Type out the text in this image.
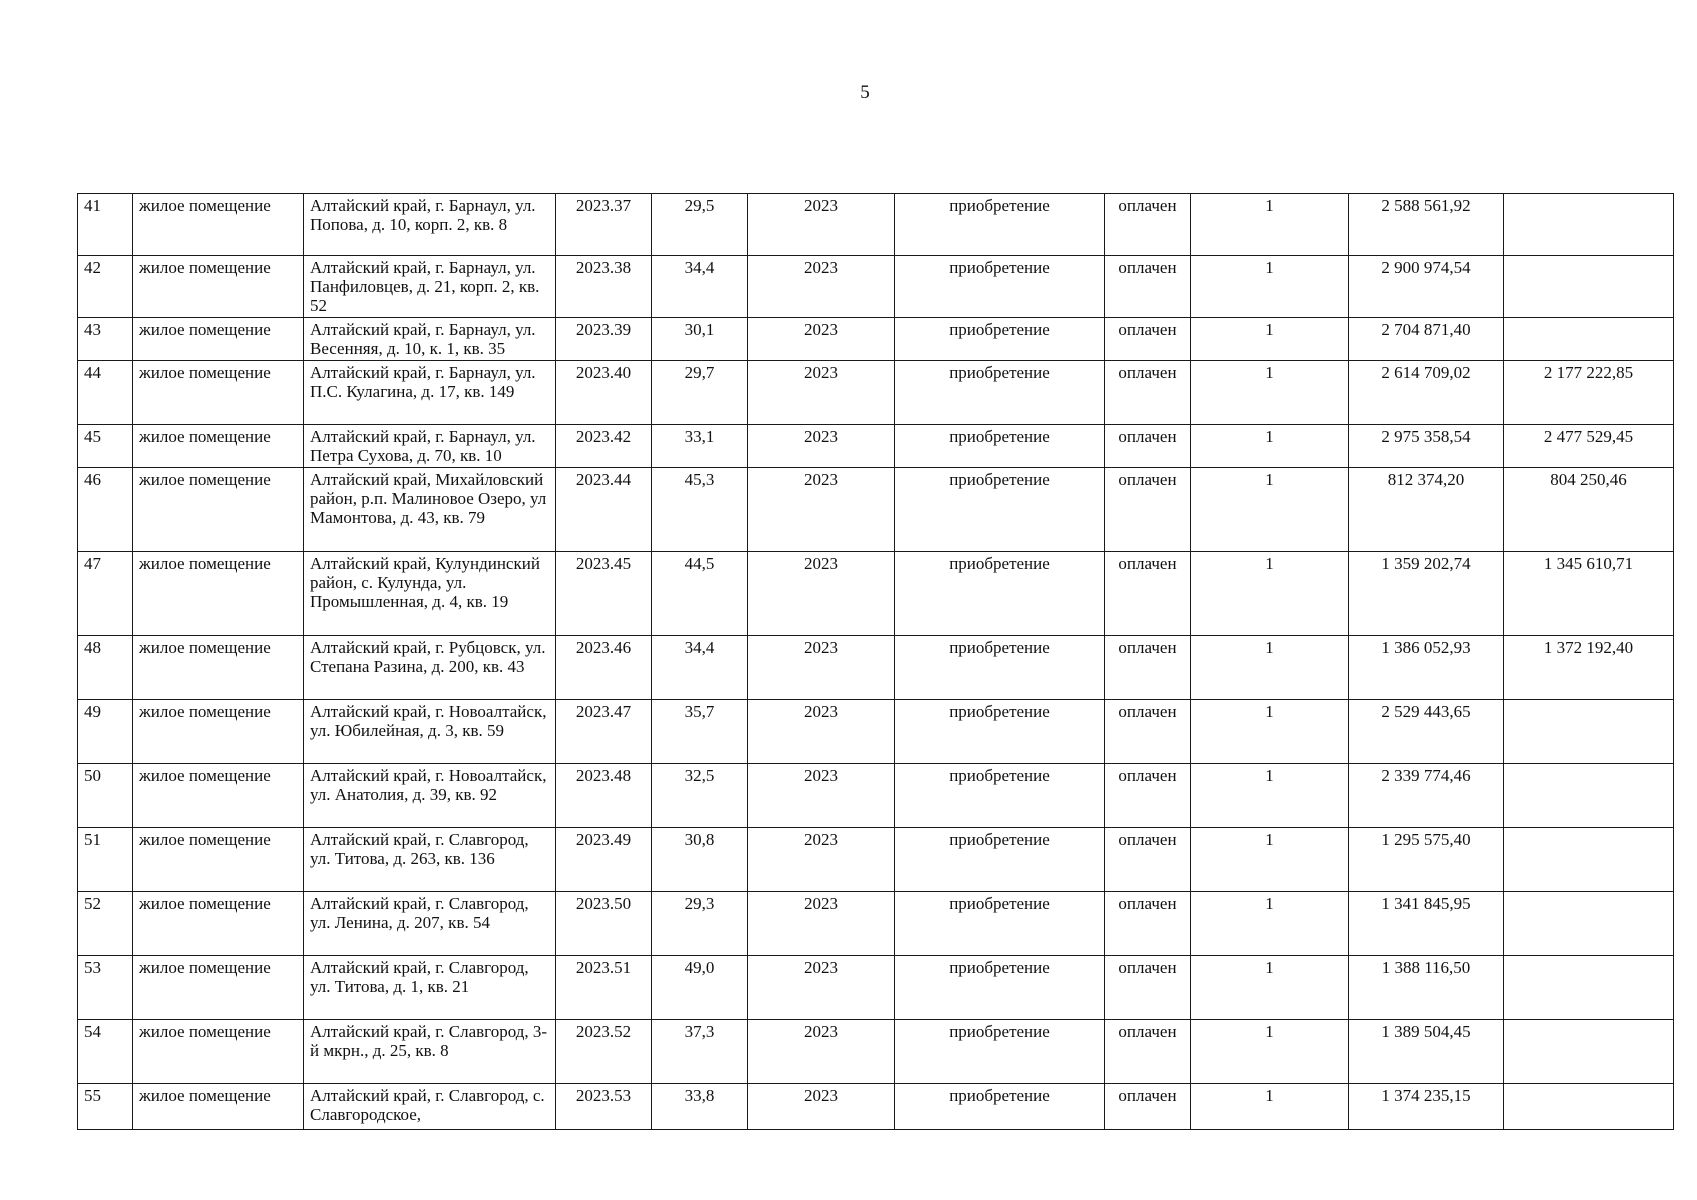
5
41	жилое помещение	Алтайский край, г. Барнаул, ул. Попова, д. 10, корп. 2, кв. 8	2023.37	29,5	2023	приобретение	оплачен	1	2 588 561,92	
42	жилое помещение	Алтайский край, г. Барнаул, ул. Панфиловцев, д. 21, корп. 2, кв. 52	2023.38	34,4	2023	приобретение	оплачен	1	2 900 974,54	
43	жилое помещение	Алтайский край, г. Барнаул, ул. Весенняя, д. 10, к. 1, кв. 35	2023.39	30,1	2023	приобретение	оплачен	1	2 704 871,40	
44	жилое помещение	Алтайский край, г. Барнаул, ул. П.С. Кулагина, д. 17, кв. 149	2023.40	29,7	2023	приобретение	оплачен	1	2 614 709,02	2 177 222,85
45	жилое помещение	Алтайский край, г. Барнаул, ул. Петра Сухова, д. 70, кв. 10	2023.42	33,1	2023	приобретение	оплачен	1	2 975 358,54	2 477 529,45
46	жилое помещение	Алтайский край, Михайловский район, р.п. Малиновое Озеро, ул Мамонтова, д. 43, кв. 79	2023.44	45,3	2023	приобретение	оплачен	1	812 374,20	804 250,46
47	жилое помещение	Алтайский край, Кулундинский район, с. Кулунда, ул. Промышленная, д. 4, кв. 19	2023.45	44,5	2023	приобретение	оплачен	1	1 359 202,74	1 345 610,71
48	жилое помещение	Алтайский край, г. Рубцовск, ул. Степана Разина, д. 200, кв. 43	2023.46	34,4	2023	приобретение	оплачен	1	1 386 052,93	1 372 192,40
49	жилое помещение	Алтайский край, г. Новоалтайск, ул. Юбилейная, д. 3, кв. 59	2023.47	35,7	2023	приобретение	оплачен	1	2 529 443,65	
50	жилое помещение	Алтайский край, г. Новоалтайск, ул. Анатолия, д. 39, кв. 92	2023.48	32,5	2023	приобретение	оплачен	1	2 339 774,46	
51	жилое помещение	Алтайский край, г. Славгород, ул. Титова, д. 263, кв. 136	2023.49	30,8	2023	приобретение	оплачен	1	1 295 575,40	
52	жилое помещение	Алтайский край, г. Славгород, ул. Ленина, д. 207, кв. 54	2023.50	29,3	2023	приобретение	оплачен	1	1 341 845,95	
53	жилое помещение	Алтайский край, г. Славгород, ул. Титова, д. 1, кв. 21	2023.51	49,0	2023	приобретение	оплачен	1	1 388 116,50	
54	жилое помещение	Алтайский край, г. Славгород, 3-й мкрн., д. 25, кв. 8	2023.52	37,3	2023	приобретение	оплачен	1	1 389 504,45	
55	жилое помещение	Алтайский край, г. Славгород, с. Славгородское,	2023.53	33,8	2023	приобретение	оплачен	1	1 374 235,15	
